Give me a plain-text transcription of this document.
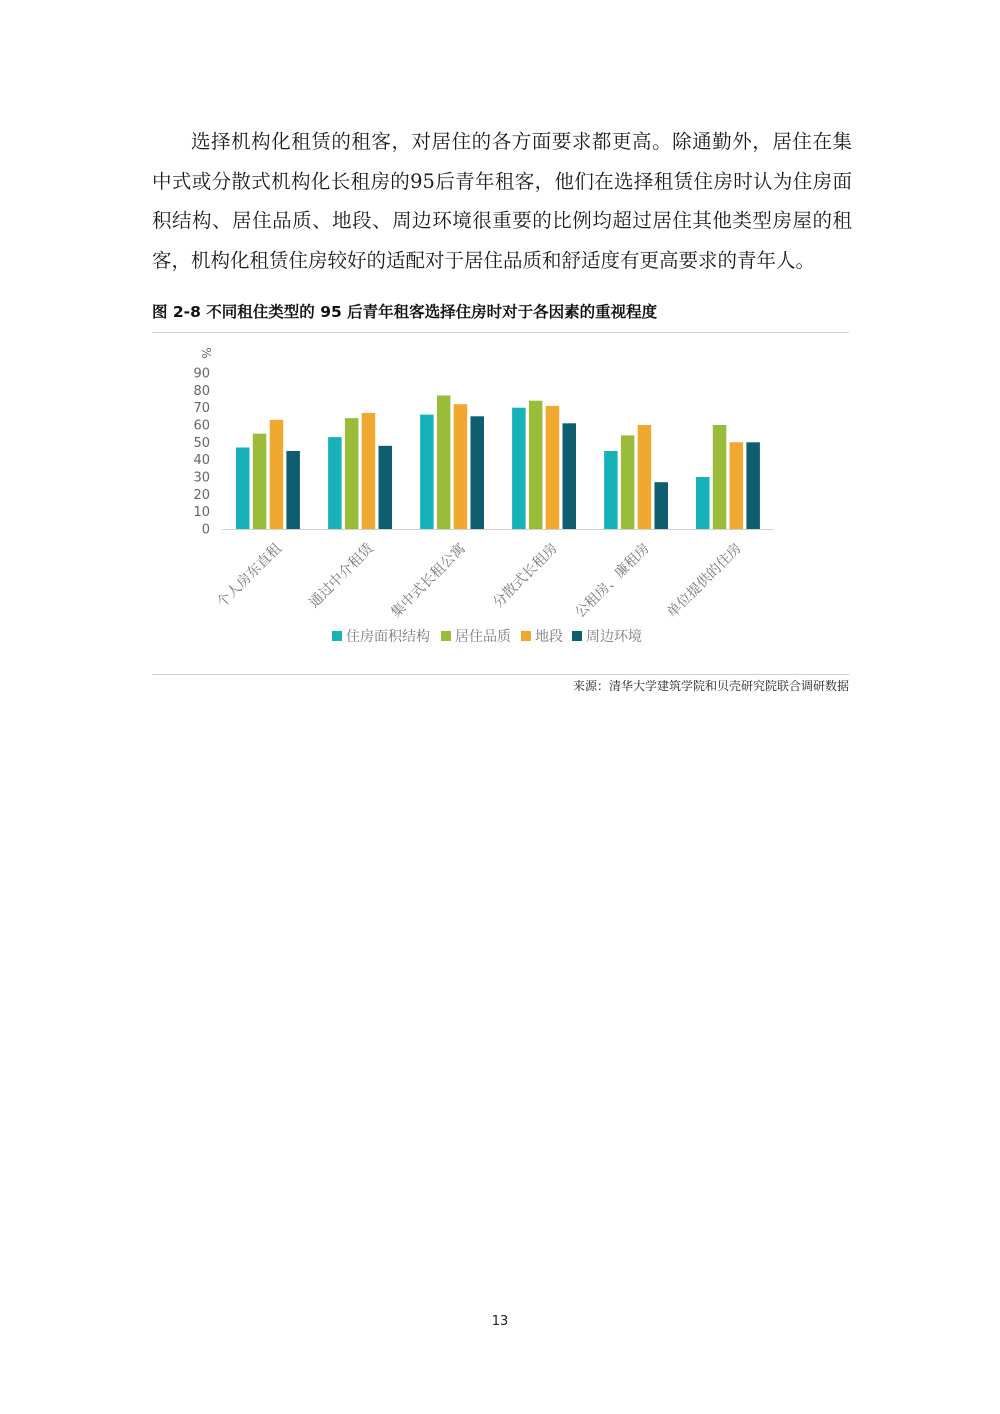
选择机构化租赁的租客，对居住的各方面要求都更高。除通勤外，居住在集中式或分散式机构化长租房的95后青年租客，他们在选择租赁住房时认为住房面积结构、居住品质、地段、周边环境很重要的比例均超过居住其他类型房屋的租客，机构化租赁住房较好的适配对于居住品质和舒适度有更高要求的青年人。

图 2-8 不同租住类型的 95 后青年租客选择住房时对于各因素的重视程度
0
10
20
30
40
50
60
70
80
90
%
个人房东直租 通过中介租赁 集中式长租公寓 分散式长租房 公租房、廉租房 单位提供的住房
住房面积结构 居住品质 地段 周边环境
来源：清华大学建筑学院和贝壳研究院联合调研数据
13
